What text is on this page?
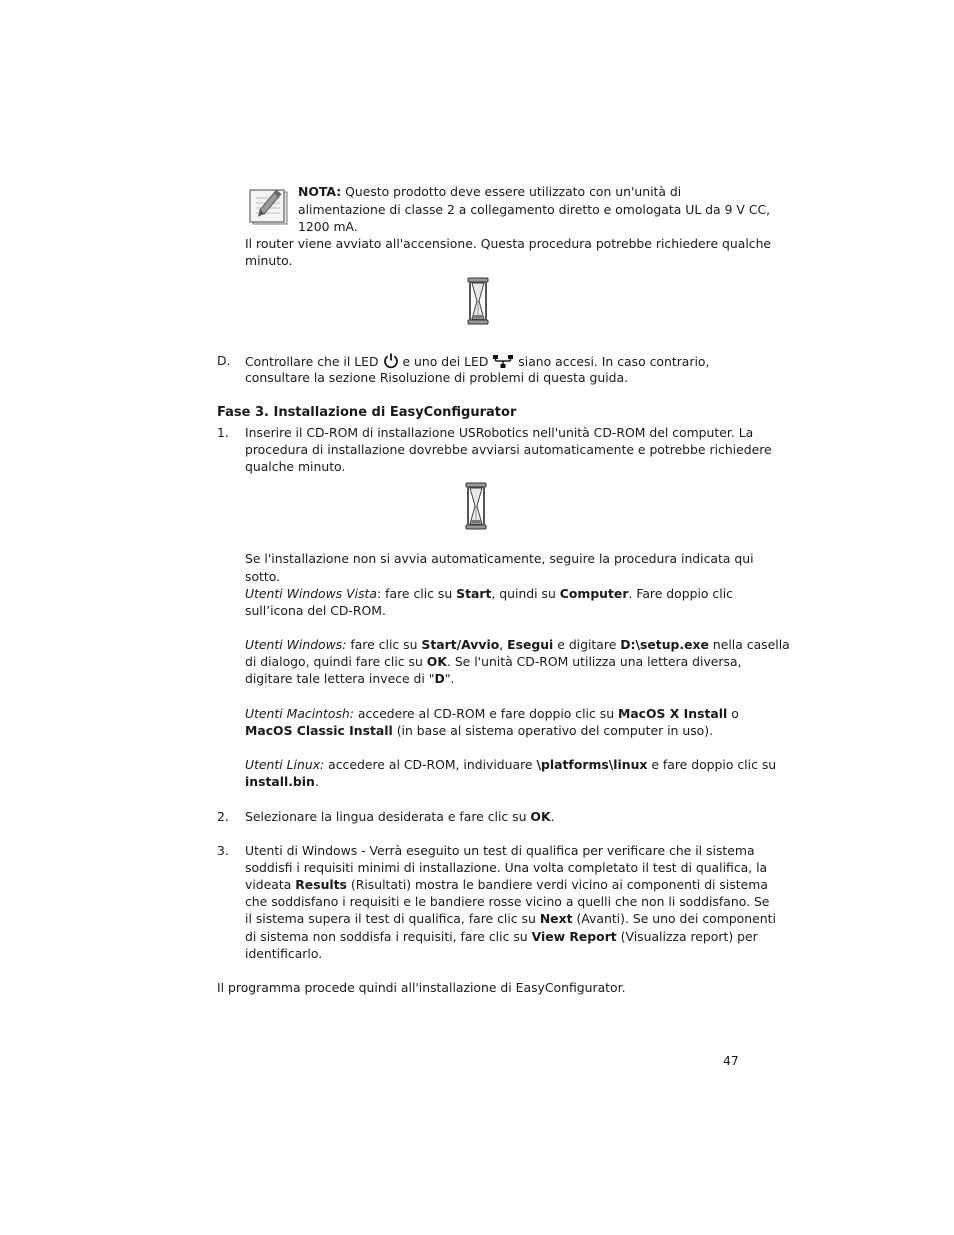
NOTA: Questo prodotto deve essere utilizzato con un'unità di

alimentazione di classe 2 a collegamento diretto e omologata UL da 9 V CC,

1200 mA.

Il router viene avviato all'accensione. Questa procedura potrebbe richiedere qualche

minuto.

D. Controllare che il LED e uno dei LED siano accesi. In caso contrario,

consultare la sezione Risoluzione di problemi di questa guida.

Fase 3. Installazione di EasyConfigurator

1. Inserire il CD-ROM di installazione USRobotics nell'unità CD-ROM del computer. La

procedura di installazione dovrebbe avviarsi automaticamente e potrebbe richiedere

qualche minuto.

Se l'installazione non si avvia automaticamente, seguire la procedura indicata qui

sotto.

Utenti Windows Vista: fare clic su Start, quindi su Computer. Fare doppio clic

sull’icona del CD-ROM.

Utenti Windows: fare clic su Start/Avvio, Esegui e digitare D:\setup.exe nella casella

di dialogo, quindi fare clic su OK. Se l'unità CD-ROM utilizza una lettera diversa,

digitare tale lettera invece di "D".

Utenti Macintosh: accedere al CD-ROM e fare doppio clic su MacOS X Install o

MacOS Classic Install (in base al sistema operativo del computer in uso).

Utenti Linux: accedere al CD-ROM, individuare \platforms\linux e fare doppio clic su

install.bin.

2. Selezionare la lingua desiderata e fare clic su OK.

3. Utenti di Windows - Verrà eseguito un test di qualifica per verificare che il sistema

soddisfi i requisiti minimi di installazione. Una volta completato il test di qualifica, la

videata Results (Risultati) mostra le bandiere verdi vicino ai componenti di sistema

che soddisfano i requisiti e le bandiere rosse vicino a quelli che non li soddisfano. Se

il sistema supera il test di qualifica, fare clic su Next (Avanti). Se uno dei componenti

di sistema non soddisfa i requisiti, fare clic su View Report (Visualizza report) per

identificarlo.

Il programma procede quindi all'installazione di EasyConfigurator.

47
